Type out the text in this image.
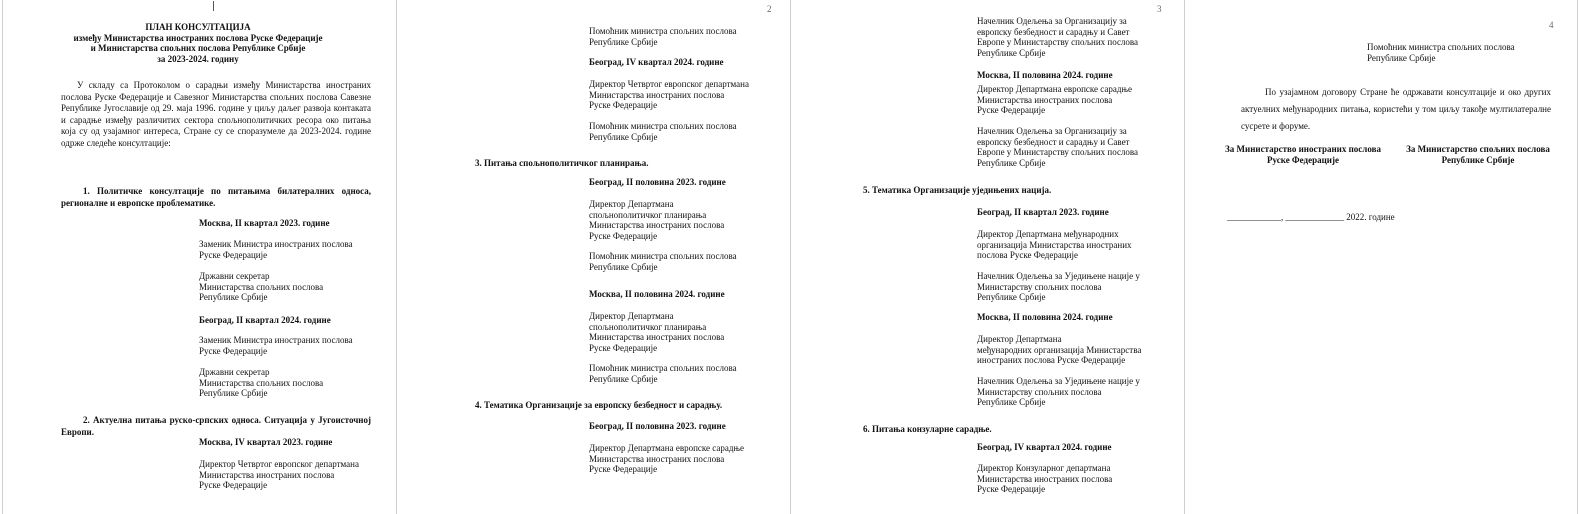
ПЛАН КОНСУЛТАЦИЈА
између Министарства иностраних послова Руске Федерације
и Министарства спољних послова Републике Србије
за 2023-2024. годину
У складу са Протоколом о сарадњи између Министарства иностраних послова Руске Федерације и Савезног Министарства спољних послова Савезне Републике Југославије од 29. маја 1996. године у циљу даљег развоја контаката и сарадње између различитих сектора спољнополитичких ресора око питања која су од узајамног интереса, Стране су се споразумеле да 2023-2024. године одрже следеће консултације:
1. Политичке консултације по питањима билатералних односа, регионалне и европске проблематике.
Москва, II квартал 2023. године
Заменик Министра иностраних послова
Руске Федерације
Државни секретар
Министарства спољних послова
Републике Србије
Београд, II квартал 2024. године
Заменик Министра иностраних послова
Руске Федерације
Државни секретар
Министарства спољних послова
Републике Србије
2. Актуелна питања руско-српских односа. Ситуација у Југоисточној Европи.
Москва, IV квартал 2023. године
Директор Четвртог европског департмана
Министарства иностраних послова
Руске Федерације
2
Помоћник министра спољних послова
Републике Србије
Београд, IV квартал 2024. године
Директор Четвртог европског департмана
Министарства иностраних послова
Руске Федерације
Помоћник министра спољних послова
Републике Србије
3. Питања спољнополитичког планирања.
Београд, II половина 2023. године
Директор Департмана
спољнополитичког планирања
Министарства иностраних послова
Руске Федерације
Помоћник министра спољних послова
Републике Србије
Москва, II половина 2024. године
Директор Департмана
спољнополитичког планирања
Министарства иностраних послова
Руске Федерације
Помоћник министра спољних послова
Републике Србије
4. Тематика Организације за европску безбедност и сарадњу.
Београд, II половина 2023. године
Директор Департмана европске сарадње
Министарства иностраних послова
Руске Федерације
3
Начелник Одељења за Организацију за
европску безбедност и сарадњу и Савет
Европе у Министарству спољних послова
Републике Србије
Москва, II половина 2024. године
Директор Департмана европске сарадње
Министарства иностраних послова
Руске Федерације
Начелник Одељења за Организацију за
европску безбедност и сарадњу и Савет
Европе у Министарству спољних послова
Републике Србије
5. Тематика Организације уједињених нација.
Београд, II квартал 2023. године
Директор Департмана међународних
организација Министарства иностраних
послова Руске Федерације
Начелник Одељења за Уједињене нације у
Министарству спољних послова
Републике Србије
Москва, II половина 2024. године
Директор Департмана
међународних организација Министарства
иностраних послова Руске Федерације
Начелник Одељења за Уједињене нације у
Министарству спољних послова
Републике Србије
6. Питања конзуларне сарадње.
Београд, IV квартал 2024. године
Директор Конзуларног департмана
Министарства иностраних послова
Руске Федерације
4
Помоћник министра спољних послова
Републике Србије
По узајамном договору Стране ће одржавати консултације и око других актуелних међународних питања, користећи у том циљу такође мултилатералне сусрете и форуме.
За Министарство иностраних послова
Руске Федерације
За Министарство спољних послова
Републике Србије
____________, _____________ 2022. године
